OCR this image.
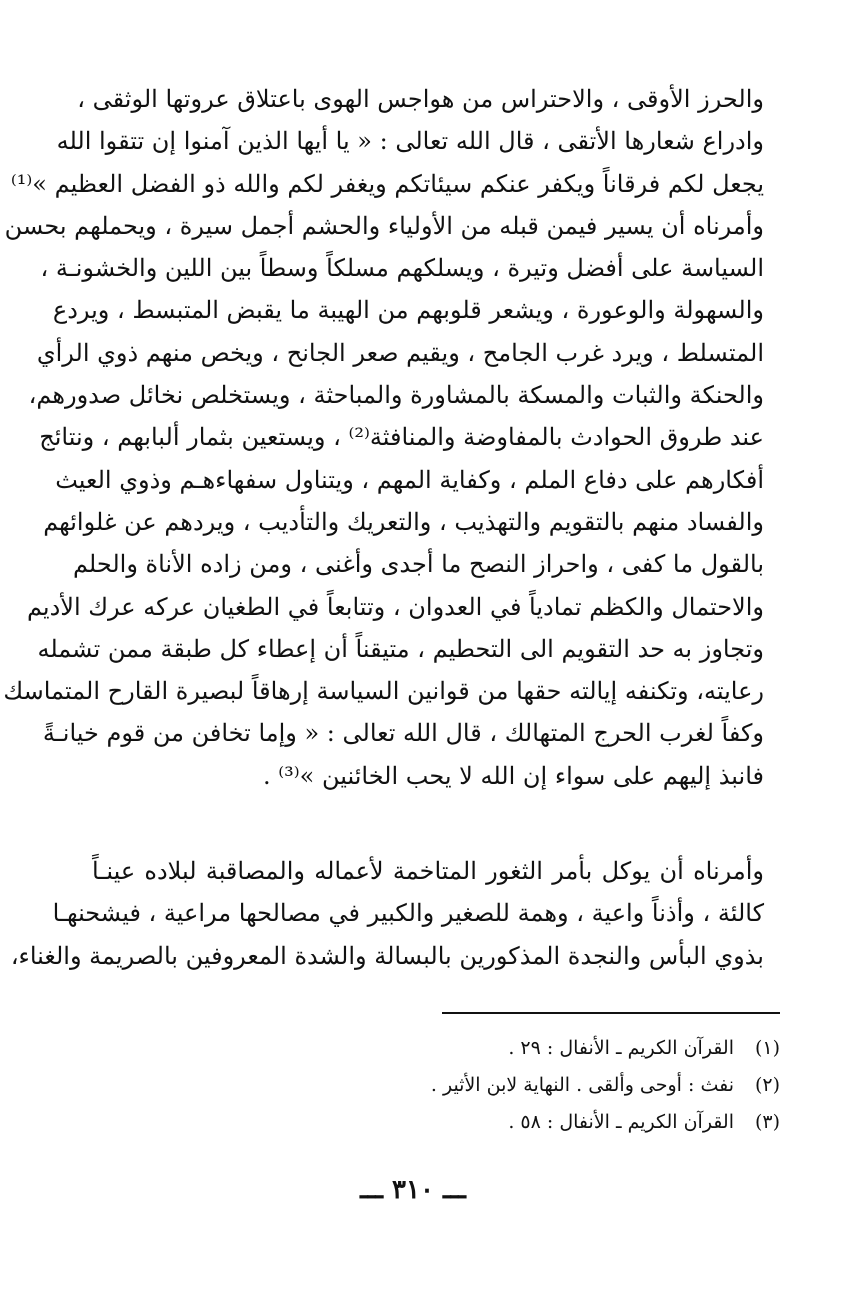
والحرز الأوقى ، والاحتراس من هواجس الهوى باعتلاق عروتها الوثقى ،
وادراع شعارها الأتقى ، قال الله تعالى : « يا أيها الذين آمنوا إن تتقوا الله
يجعل لكم فرقاناً ويكفر عنكم سيئاتكم ويغفر لكم والله ذو الفضل العظيم »⁽¹⁾
وأمرناه أن يسير فيمن قبله من الأولياء والحشم أجمل سيرة ، ويحملهم بحسن
السياسة على أفضل وتيرة ، ويسلكهم مسلكاً وسطاً بين اللين والخشونـة ،
والسهولة والوعورة ، ويشعر قلوبهم من الهيبة ما يقبض المتبسط ، ويردع
المتسلط ، ويرد غرب الجامح ، ويقيم صعر الجانح ، ويخص منهم ذوي الرأي
والحنكة والثبات والمسكة بالمشاورة والمباحثة ، ويستخلص نخائل صدورهم،
عند طروق الحوادث بالمفاوضة والمنافثة⁽²⁾ ، ويستعين بثمار ألبابهم ، ونتائج
أفكارهم على دفاع الملم ، وكفاية المهم ، ويتناول سفهاءهـم وذوي العيث
والفساد منهم بالتقويم والتهذيب ، والتعريك والتأديب ، ويردهم عن غلوائهم
بالقول ما كفى ، واحراز النصح ما أجدى وأغنى ، ومن زاده الأناة والحلم
والاحتمال والكظم تمادياً في العدوان ، وتتابعاً في الطغيان عركه عرك الأديم
وتجاوز به حد التقويم الى التحطيم ، متيقناً أن إعطاء كل طبقة ممن تشمله
رعايته، وتكنفه إيالته حقها من قوانين السياسة إرهاقاً لبصيرة القارح المتماسك
وكفاً لغرب الحرج المتهالك ، قال الله تعالى : « وإما تخافن من قوم خيانـةً
فانبذ إليهم على سواء إن الله لا يحب الخائنين »⁽³⁾ .
وأمرناه أن يوكل بأمر الثغور المتاخمة لأعماله والمصاقبة لبلاده عينـاً
كالئة ، وأذناً واعية ، وهمة للصغير والكبير في مصالحها مراعية ، فيشحنهـا
بذوي البأس والنجدة المذكورين بالبسالة والشدة المعروفين بالصريمة والغناء،
(١)
القرآن الكريم ـ الأنفال : ٢٩ .
(٢)
نفث : أوحى وألقى . النهاية لابن الأثير .
(٣)
القرآن الكريم ـ الأنفال : ٥٨ .
ـــ ٣١٠ ـــ
